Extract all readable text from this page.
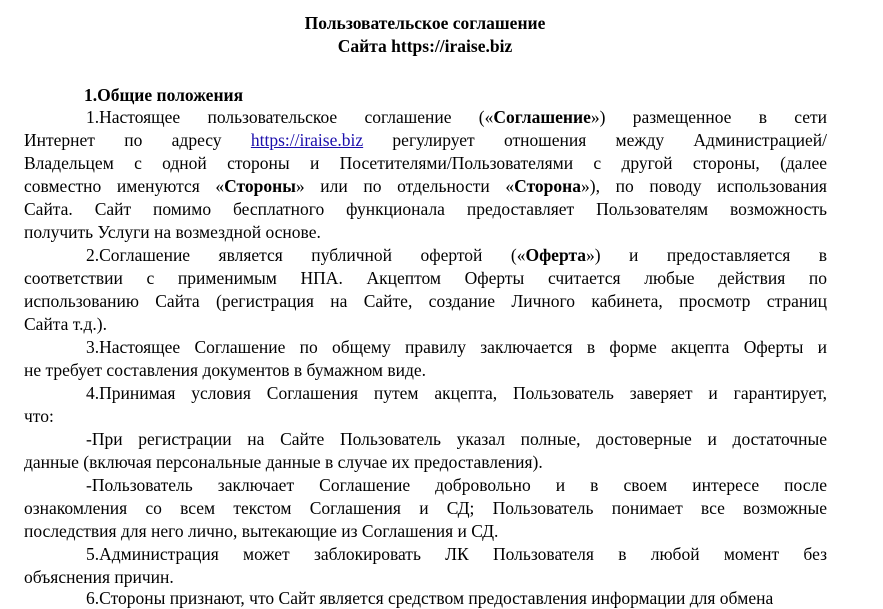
Пользовательское соглашение
Сайта https://iraise.biz
1.Общие положения
1.Настоящее пользовательское соглашение («Соглашение») размещенное в сети
Интернет по адресу https://iraise.biz регулирует отношения между Администрацией/
Владельцем с одной стороны и Посетителями/Пользователями с другой стороны, (далее
совместно именуются «Стороны» или по отдельности «Сторона»), по поводу использования
Сайта. Сайт помимо бесплатного функционала предоставляет Пользователям возможность
получить Услуги на возмездной основе.
2.Соглашение является публичной офертой («Оферта») и предоставляется в
соответствии с применимым НПА. Акцептом Оферты считается любые действия по
использованию Сайта (регистрация на Сайте, создание Личного кабинета, просмотр страниц
Сайта т.д.).
3.Настоящее Соглашение по общему правилу заключается в форме акцепта Оферты и
не требует составления документов в бумажном виде.
4.Принимая условия Соглашения путем акцепта, Пользователь заверяет и гарантирует,
что:
-При регистрации на Сайте Пользователь указал полные, достоверные и достаточные
данные (включая персональные данные в случае их предоставления).
-Пользователь заключает Соглашение добровольно и в своем интересе после
ознакомления со всем текстом Соглашения и СД; Пользователь понимает все возможные
последствия для него лично, вытекающие из Соглашения и СД.
5.Администрация может заблокировать ЛК Пользователя в любой момент без
объяснения причин.
6.Стороны признают, что Сайт является средством предоставления информации для обмена
